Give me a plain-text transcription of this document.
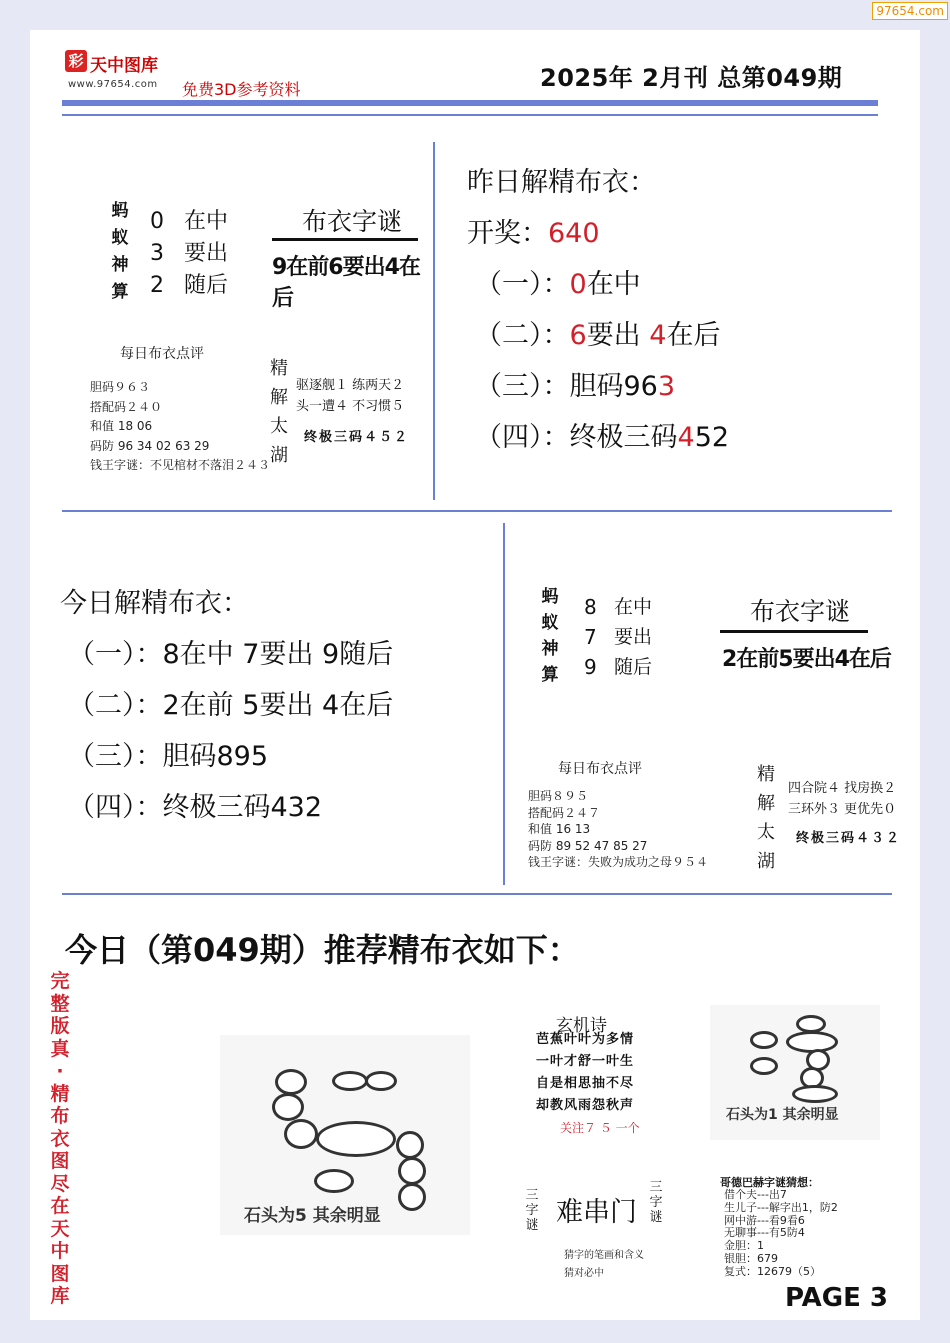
97654.com
彩 天中图库
www.97654.com 免费3D参考资料	2025年 2月刊 总第049期
蚂
蚁
神
算
0
3
2
在中
要出
随后
布衣字谜
9在前6要出4在后
每日布衣点评
胆码９６３
搭配码２４０
和值 18 06
码防 96 34 02 63 29
钱王字谜：不见棺材不落泪２４３
精
解
太
湖
驱逐舰１ 练两天２
头一遭４ 不习惯５
终极三码４５２
昨日解精布衣：
开奖：640
（一）：0在中
（二）：6要出 4在后
（三）：胆码963
（四）：终极三码452
今日解精布衣：
（一）：8在中 7要出 9随后
（二）：2在前 5要出 4在后
（三）：胆码895
（四）：终极三码432
蚂
蚁
神
算
8
7
9
在中
要出
随后
布衣字谜
2在前5要出4在后
每日布衣点评
胆码８９５
搭配码２４７
和值 16 13
码防 89 52 47 85 27
钱王字谜：失败为成功之母９５４
精
解
太
湖
四合院４ 找房换２
三环外３ 更优先０
终极三码４３２
今日（第049期）推荐精布衣如下：
完整版真·精布衣图尽在天中图库
石头为5 其余明显
玄机诗
芭蕉叶叶为多情
一叶才舒一叶生
自是相思抽不尽
却教风雨怨秋声
关注７ ５ 一个
石头为1 其余明显
三字谜 难串门
三字谜
猜字的笔画和含义
猜对必中
哥德巴赫字谜猜想：
借个夫---出7
生儿子---解字出1，防2
网中游---看9看6
无聊事---有5防4
金胆：1
银胆：679
复式：12679（5）
PAGE 3
